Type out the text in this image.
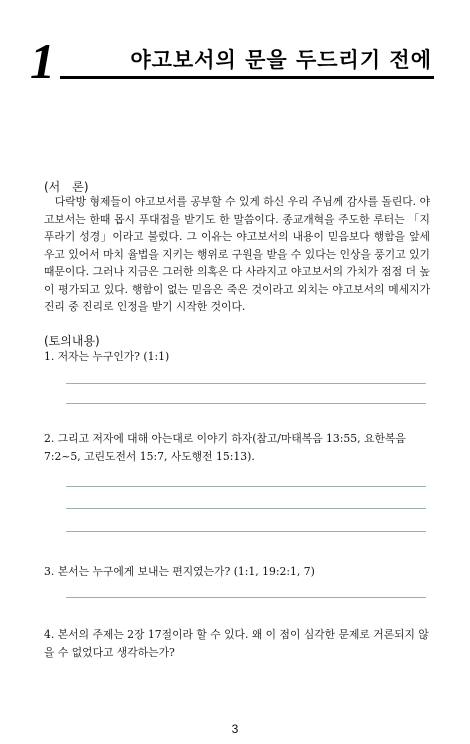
1	야고보서의 문을 두드리기 전에
(서　론)
　다락방 형제들이 야고보서를 공부할 수 있게 하신 우리 주님께 감사를 돌린다. 야고보서는 한때 몹시 푸대접을 받기도 한 말씀이다. 종교개혁을 주도한 루터는 「지푸라기 성경」이라고 불렀다. 그 이유는 야고보서의 내용이 믿음보다 행함을 앞세우고 있어서 마치 율법을 지키는 행위로 구원을 받을 수 있다는 인상을 풍기고 있기 때문이다. 그러나 지금은 그러한 의혹은 다 사라지고 야고보서의 가치가 점점 더 높이 평가되고 있다. 행함이 없는 믿음은 죽은 것이라고 외치는 야고보서의 메세지가 진리 중 진리로 인정을 받기 시작한 것이다.
(토의내용)
1. 저자는 누구인가? (1:1)
2. 그리고 저자에 대해 아는대로 이야기 하자(참고/마태복음 13:55, 요한복음 7:2~5, 고린도전서 15:7, 사도행전 15:13).
3. 본서는 누구에게 보내는 편지였는가? (1:1, 19:2:1, 7)
4. 본서의 주제는 2장 17절이라 할 수 있다. 왜 이 점이 심각한 문제로 거론되지 않을 수 없었다고 생각하는가?
3
